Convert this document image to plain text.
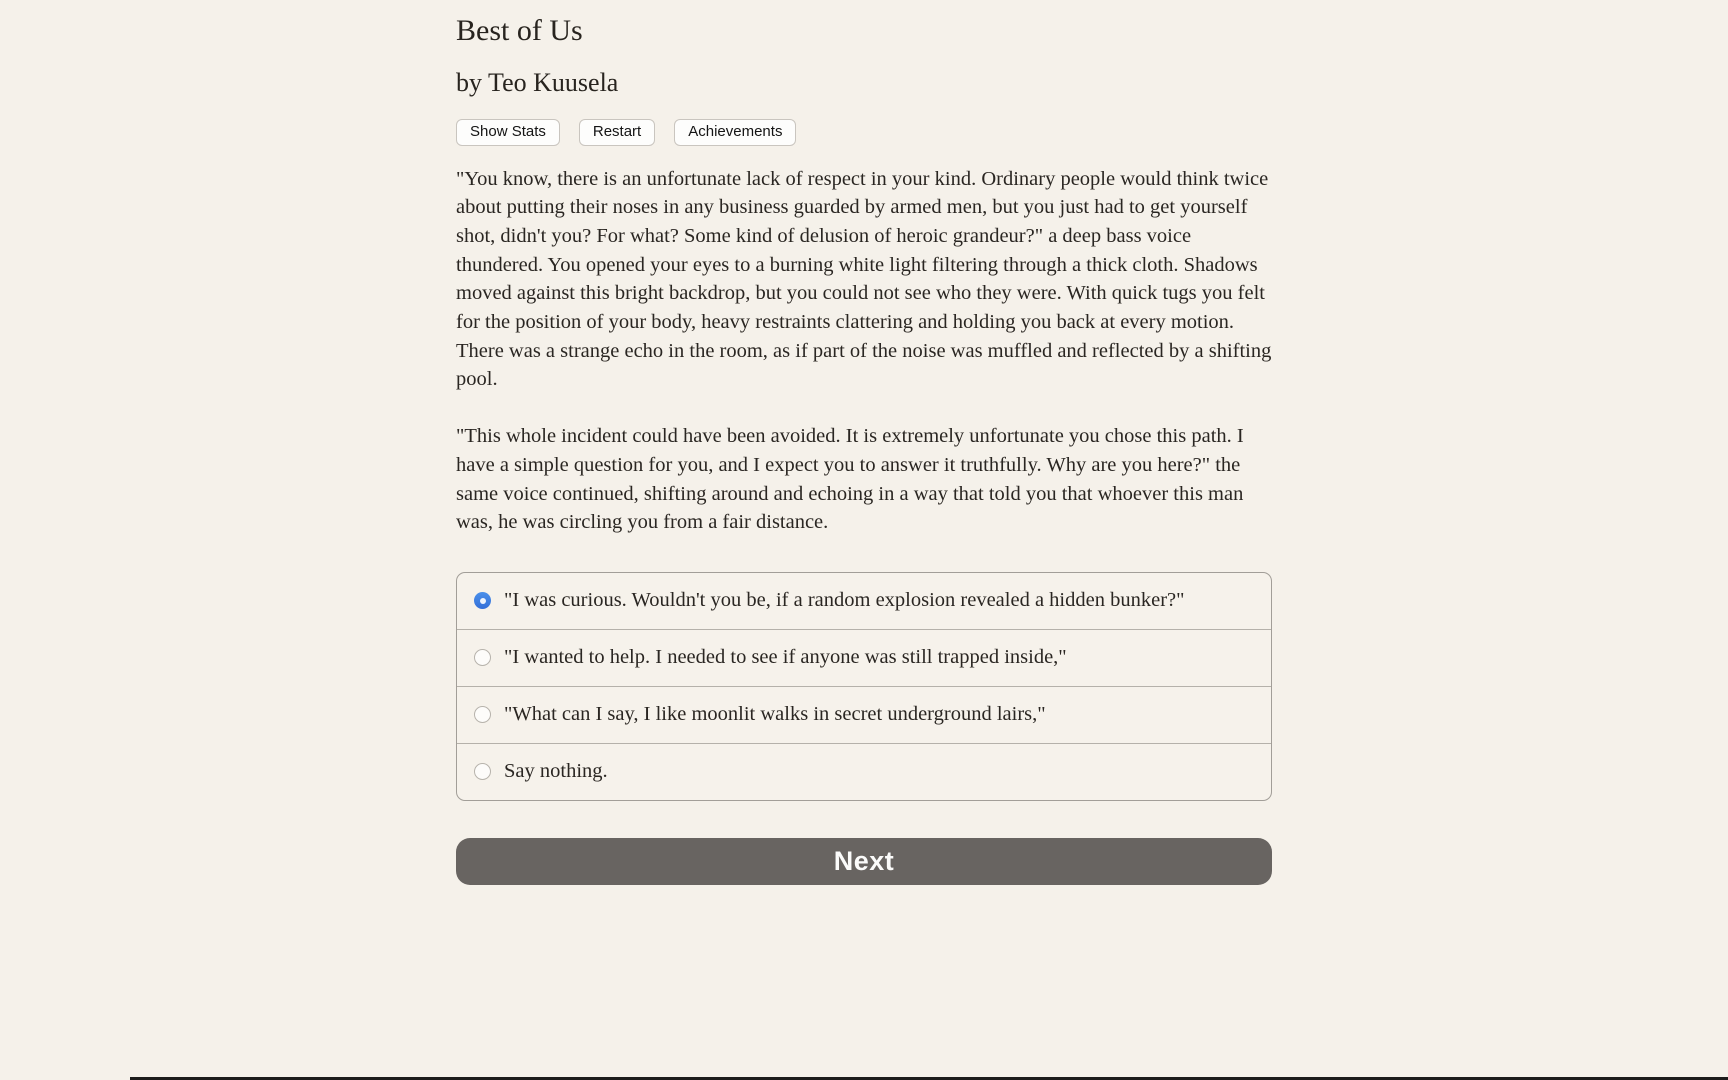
Best of Us
by Teo Kuusela
Show Stats	Restart	Achievements

"You know, there is an unfortunate lack of respect in your kind. Ordinary people would think twice about putting their noses in any business guarded by armed men, but you just had to get yourself shot, didn't you? For what? Some kind of delusion of heroic grandeur?" a deep bass voice thundered. You opened your eyes to a burning white light filtering through a thick cloth. Shadows moved against this bright backdrop, but you could not see who they were. With quick tugs you felt for the position of your body, heavy restraints clattering and holding you back at every motion. There was a strange echo in the room, as if part of the noise was muffled and reflected by a shifting pool.

"This whole incident could have been avoided. It is extremely unfortunate you chose this path. I have a simple question for you, and I expect you to answer it truthfully. Why are you here?" the same voice continued, shifting around and echoing in a way that told you that whoever this man was, he was circling you from a fair distance.

"I was curious. Wouldn't you be, if a random explosion revealed a hidden bunker?"
"I wanted to help. I needed to see if anyone was still trapped inside,"
"What can I say, I like moonlit walks in secret underground lairs,"
Say nothing.
Next
